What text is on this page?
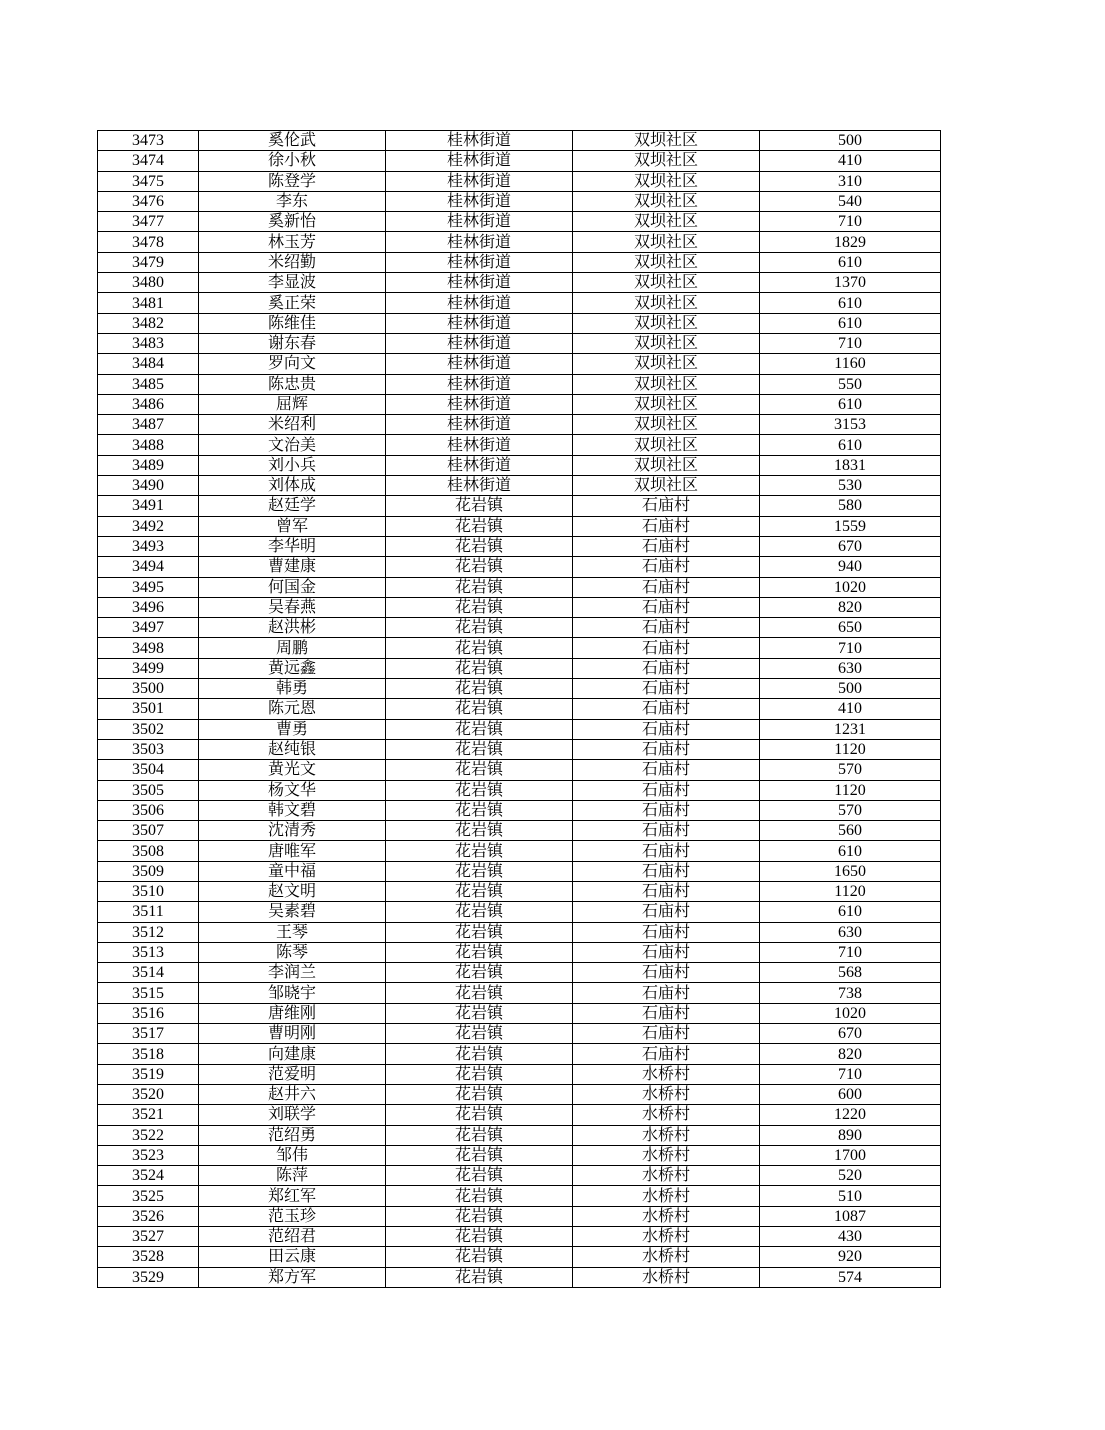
3473	奚伦武	桂林街道	双坝社区	500
3474	徐小秋	桂林街道	双坝社区	410
3475	陈登学	桂林街道	双坝社区	310
3476	李东	桂林街道	双坝社区	540
3477	奚新怡	桂林街道	双坝社区	710
3478	林玉芳	桂林街道	双坝社区	1829
3479	米绍勤	桂林街道	双坝社区	610
3480	李显波	桂林街道	双坝社区	1370
3481	奚正荣	桂林街道	双坝社区	610
3482	陈维佳	桂林街道	双坝社区	610
3483	谢东春	桂林街道	双坝社区	710
3484	罗向文	桂林街道	双坝社区	1160
3485	陈忠贵	桂林街道	双坝社区	550
3486	屈辉	桂林街道	双坝社区	610
3487	米绍利	桂林街道	双坝社区	3153
3488	文治美	桂林街道	双坝社区	610
3489	刘小兵	桂林街道	双坝社区	1831
3490	刘体成	桂林街道	双坝社区	530
3491	赵廷学	花岩镇	石庙村	580
3492	曾军	花岩镇	石庙村	1559
3493	李华明	花岩镇	石庙村	670
3494	曹建康	花岩镇	石庙村	940
3495	何国金	花岩镇	石庙村	1020
3496	吴春燕	花岩镇	石庙村	820
3497	赵洪彬	花岩镇	石庙村	650
3498	周鹏	花岩镇	石庙村	710
3499	黄远鑫	花岩镇	石庙村	630
3500	韩勇	花岩镇	石庙村	500
3501	陈元恩	花岩镇	石庙村	410
3502	曹勇	花岩镇	石庙村	1231
3503	赵纯银	花岩镇	石庙村	1120
3504	黄光文	花岩镇	石庙村	570
3505	杨文华	花岩镇	石庙村	1120
3506	韩文碧	花岩镇	石庙村	570
3507	沈清秀	花岩镇	石庙村	560
3508	唐唯军	花岩镇	石庙村	610
3509	童中福	花岩镇	石庙村	1650
3510	赵文明	花岩镇	石庙村	1120
3511	吴素碧	花岩镇	石庙村	610
3512	王琴	花岩镇	石庙村	630
3513	陈琴	花岩镇	石庙村	710
3514	李润兰	花岩镇	石庙村	568
3515	邹晓宇	花岩镇	石庙村	738
3516	唐维刚	花岩镇	石庙村	1020
3517	曹明刚	花岩镇	石庙村	670
3518	向建康	花岩镇	石庙村	820
3519	范爱明	花岩镇	水桥村	710
3520	赵井六	花岩镇	水桥村	600
3521	刘联学	花岩镇	水桥村	1220
3522	范绍勇	花岩镇	水桥村	890
3523	邹伟	花岩镇	水桥村	1700
3524	陈萍	花岩镇	水桥村	520
3525	郑红军	花岩镇	水桥村	510
3526	范玉珍	花岩镇	水桥村	1087
3527	范绍君	花岩镇	水桥村	430
3528	田云康	花岩镇	水桥村	920
3529	郑方军	花岩镇	水桥村	574
